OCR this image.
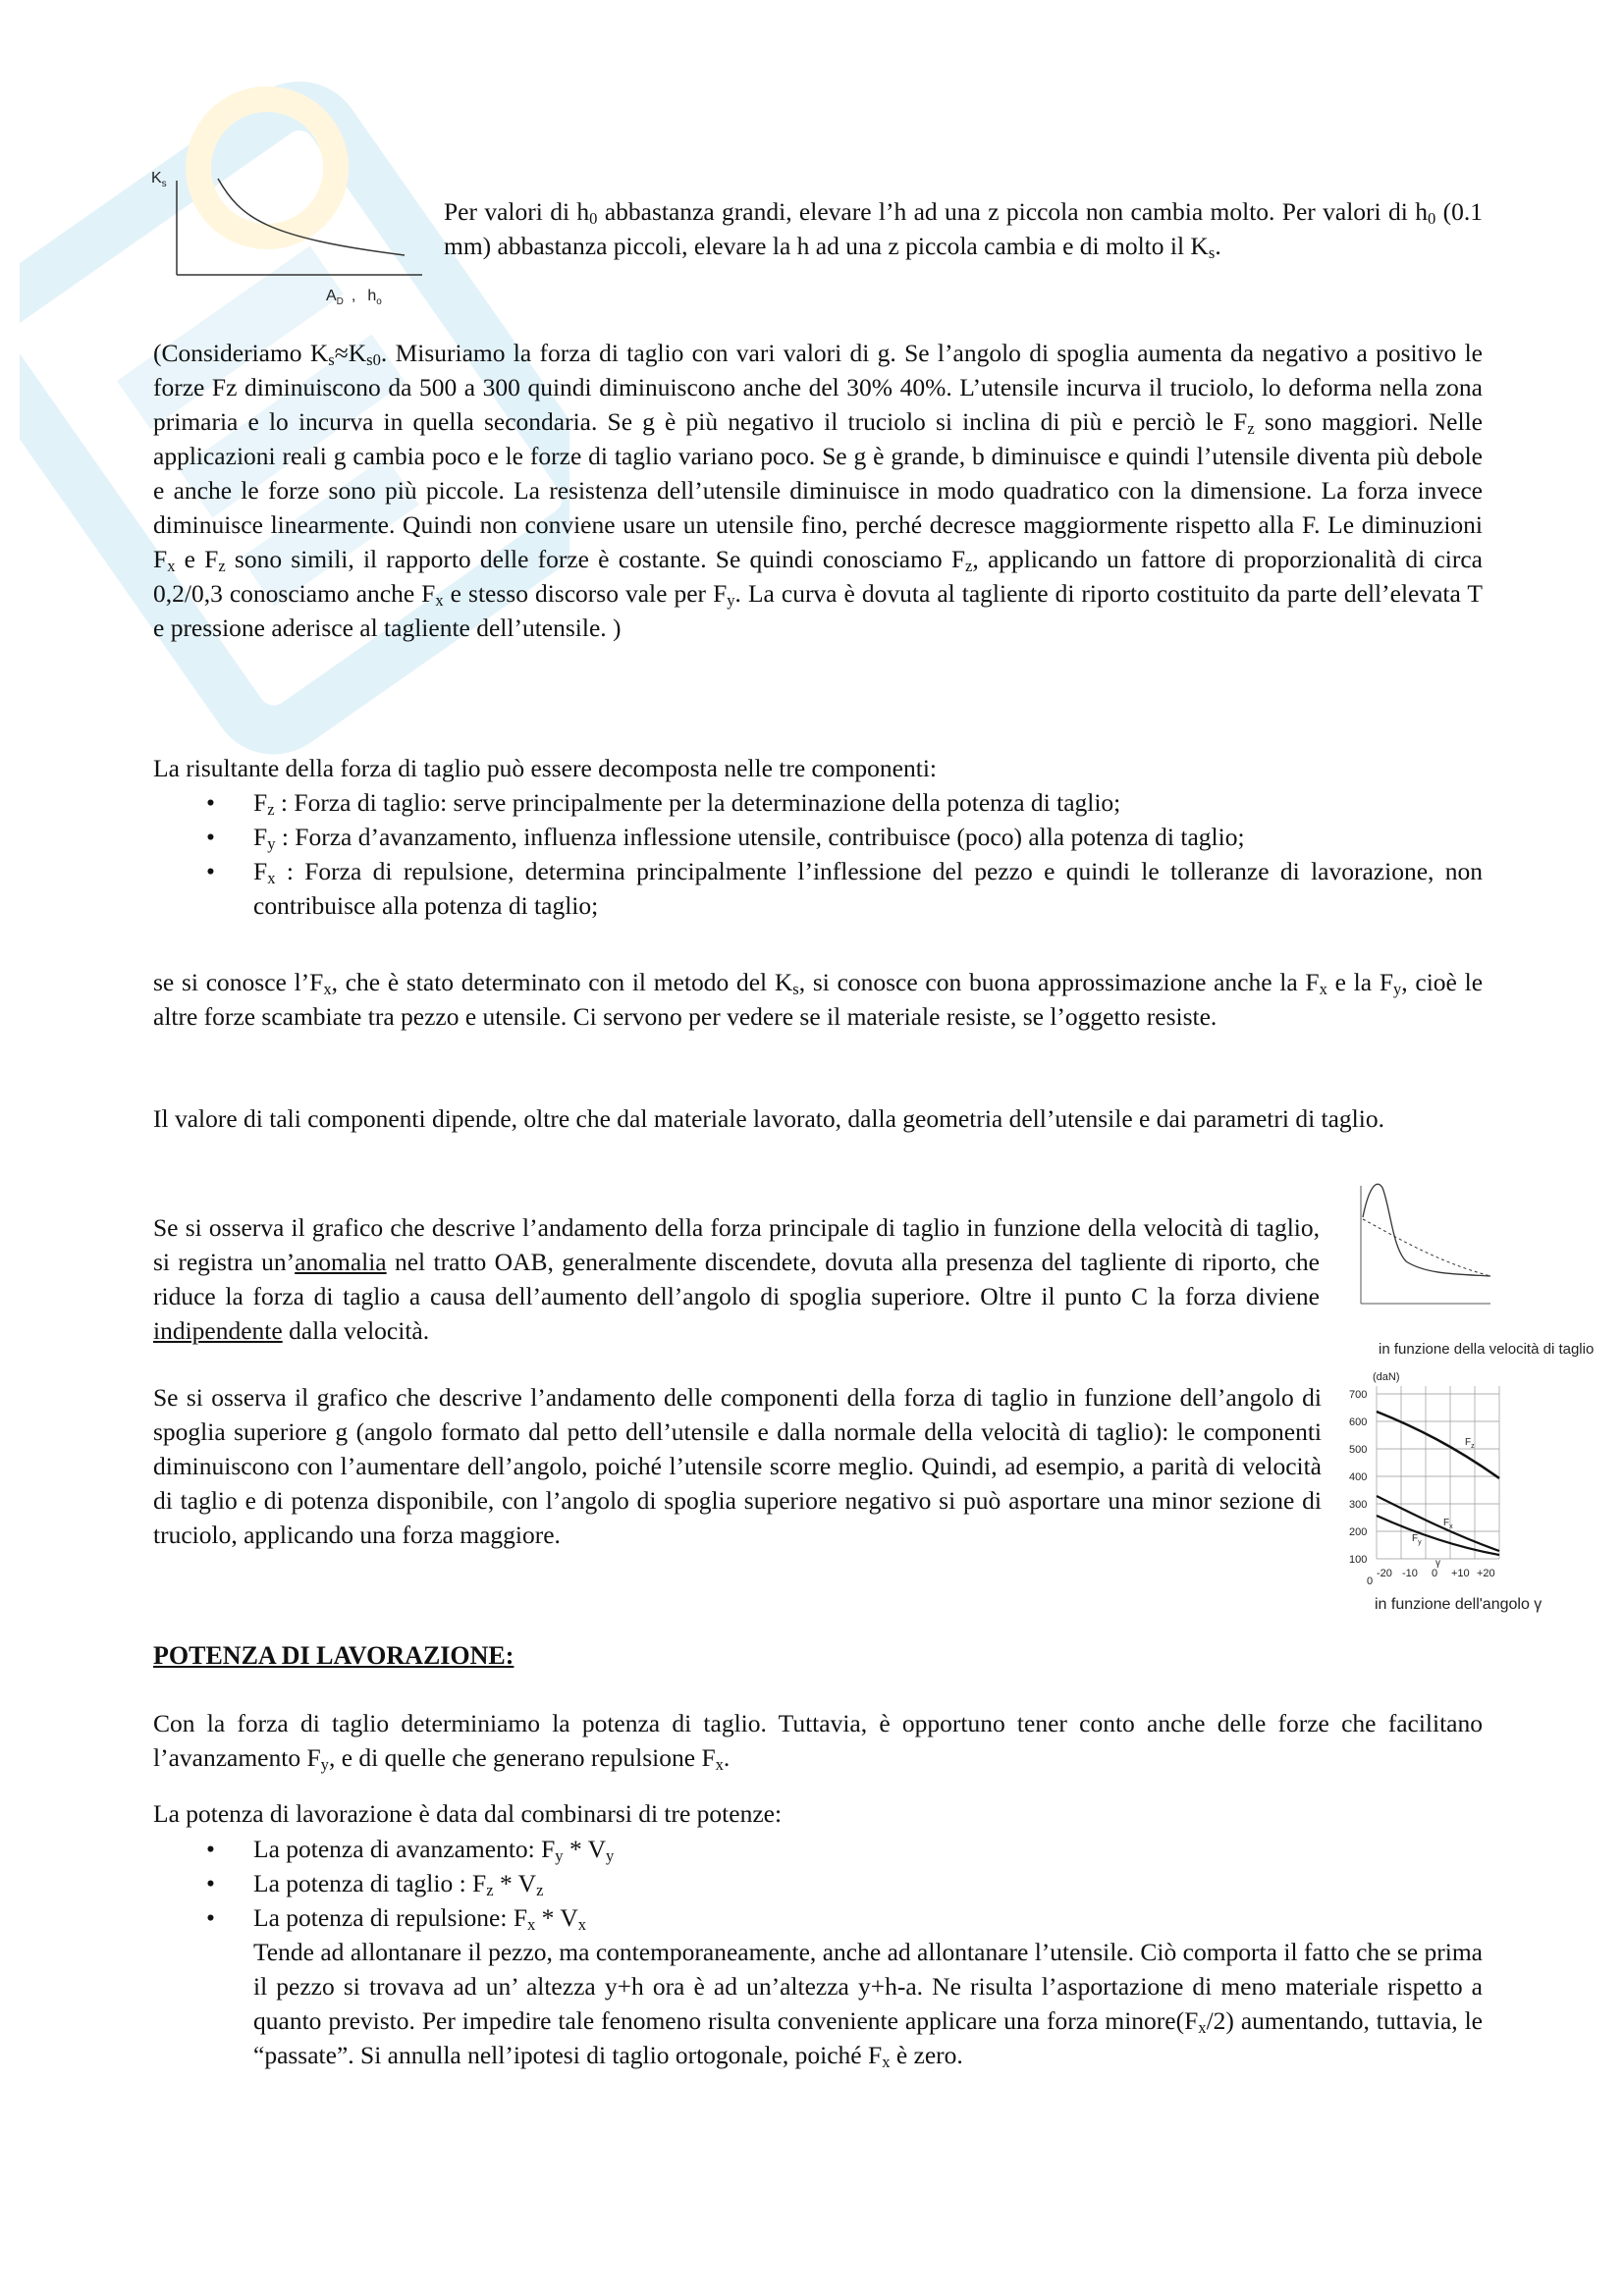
$K_s$
$A_D$ , $h_o$

Per valori di $h_0$ abbastanza grandi, elevare l’h ad una z piccola non cambia molto. Per valori di $h_0$ (0.1 mm) abbastanza piccoli, elevare la h ad una z piccola cambia e di molto il $K_s$.

(Consideriamo $K_s\approx K_{s0}$. Misuriamo la forza di taglio con vari valori di g. Se l’angolo di spoglia aumenta da negativo a positivo le forze Fz diminuiscono da 500 a 300 quindi diminuiscono anche del 30% 40%. L’utensile incurva il truciolo, lo deforma nella zona primaria e lo incurva in quella secondaria. Se g è più negativo il truciolo si inclina di più e perciò le $F_z$ sono maggiori. Nelle applicazioni reali g cambia poco e le forze di taglio variano poco. Se g è grande, b diminuisce e quindi l’utensile diventa più debole e anche le forze sono più piccole. La resistenza dell’utensile diminuisce in modo quadratico con la dimensione. La forza invece diminuisce linearmente. Quindi non conviene usare un utensile fino, perché decresce maggiormente rispetto alla F. Le diminuzioni $F_x$ e $F_z$ sono simili, il rapporto delle forze è costante. Se quindi conosciamo $F_z$, applicando un fattore di proporzionalità di circa 0,2/0,3 conosciamo anche $F_x$ e stesso discorso vale per $F_y$. La curva è dovuta al tagliente di riporto costituito da parte dell’elevata T e pressione aderisce al tagliente dell’utensile. )

La risultante della forza di taglio può essere decomposta nelle tre componenti:

• $F_z$ : Forza di taglio: serve principalmente per la determinazione della potenza di taglio;
• $F_y$ : Forza d’avanzamento, influenza inflessione utensile, contribuisce (poco) alla potenza di taglio;
• $F_x$ : Forza di repulsione, determina principalmente l’inflessione del pezzo e quindi le tolleranze di lavorazione, non contribuisce alla potenza di taglio;

se si conosce $l’F_x$, che è stato determinato con il metodo del $K_s$, si conosce con buona approssimazione anche la $F_x$ e la $F_y$, cioè le altre forze scambiate tra pezzo e utensile. Ci servono per vedere se il materiale resiste, se l’oggetto resiste.

Il valore di tali componenti dipende, oltre che dal materiale lavorato, dalla geometria dell’utensile e dai parametri di taglio.

Se si osserva il grafico che descrive l’andamento della forza principale di taglio in funzione della velocità di taglio, si registra un’anomalia nel tratto OAB, generalmente discendete, dovuta alla presenza del tagliente di riporto, che riduce la forza di taglio a causa dell’aumento dell’angolo di spoglia superiore. Oltre il punto C la forza diviene indipendente dalla velocità.

in funzione della velocità di taglio

Se si osserva il grafico che descrive l’andamento delle componenti della forza di taglio in funzione dell’angolo di spoglia superiore g (angolo formato dal petto dell’utensile e dalla normale della velocità di taglio): le componenti diminuiscono con l’aumentare dell’angolo, poiché l’utensile scorre meglio. Quindi, ad esempio, a parità di velocità di taglio e di potenza disponibile, con l’angolo di spoglia superiore negativo si può asportare una minor sezione di truciolo, applicando una forza maggiore.

(daN)
700
600
500
400
300
200
100
0
-20 -10 0 +10 +20
γ
$F_z$
$F_y$
$F_x$
in funzione dell'angolo γ

POTENZA DI LAVORAZIONE:

Con la forza di taglio determiniamo la potenza di taglio. Tuttavia, è opportuno tener conto anche delle forze che facilitano l’avanzamento $F_y$, e di quelle che generano repulsione $F_x$.

La potenza di lavorazione è data dal combinarsi di tre potenze:

• La potenza di avanzamento: $F_y * V_y$
• La potenza di taglio : $F_z * V_z$
• La potenza di repulsione: $F_x * V_x$

Tende ad allontanare il pezzo, ma contemporaneamente, anche ad allontanare l’utensile. Ciò comporta il fatto che se prima il pezzo si trovava ad un’ altezza y+h ora è ad un’altezza y+h-a. Ne risulta l’asportazione di meno materiale rispetto a quanto previsto. Per impedire tale fenomeno risulta conveniente applicare una forza $minore(F_x/2)$ aumentando, tuttavia, le “passate”. Si annulla nell’ipotesi di taglio ortogonale, poiché $F_x$ è zero.
